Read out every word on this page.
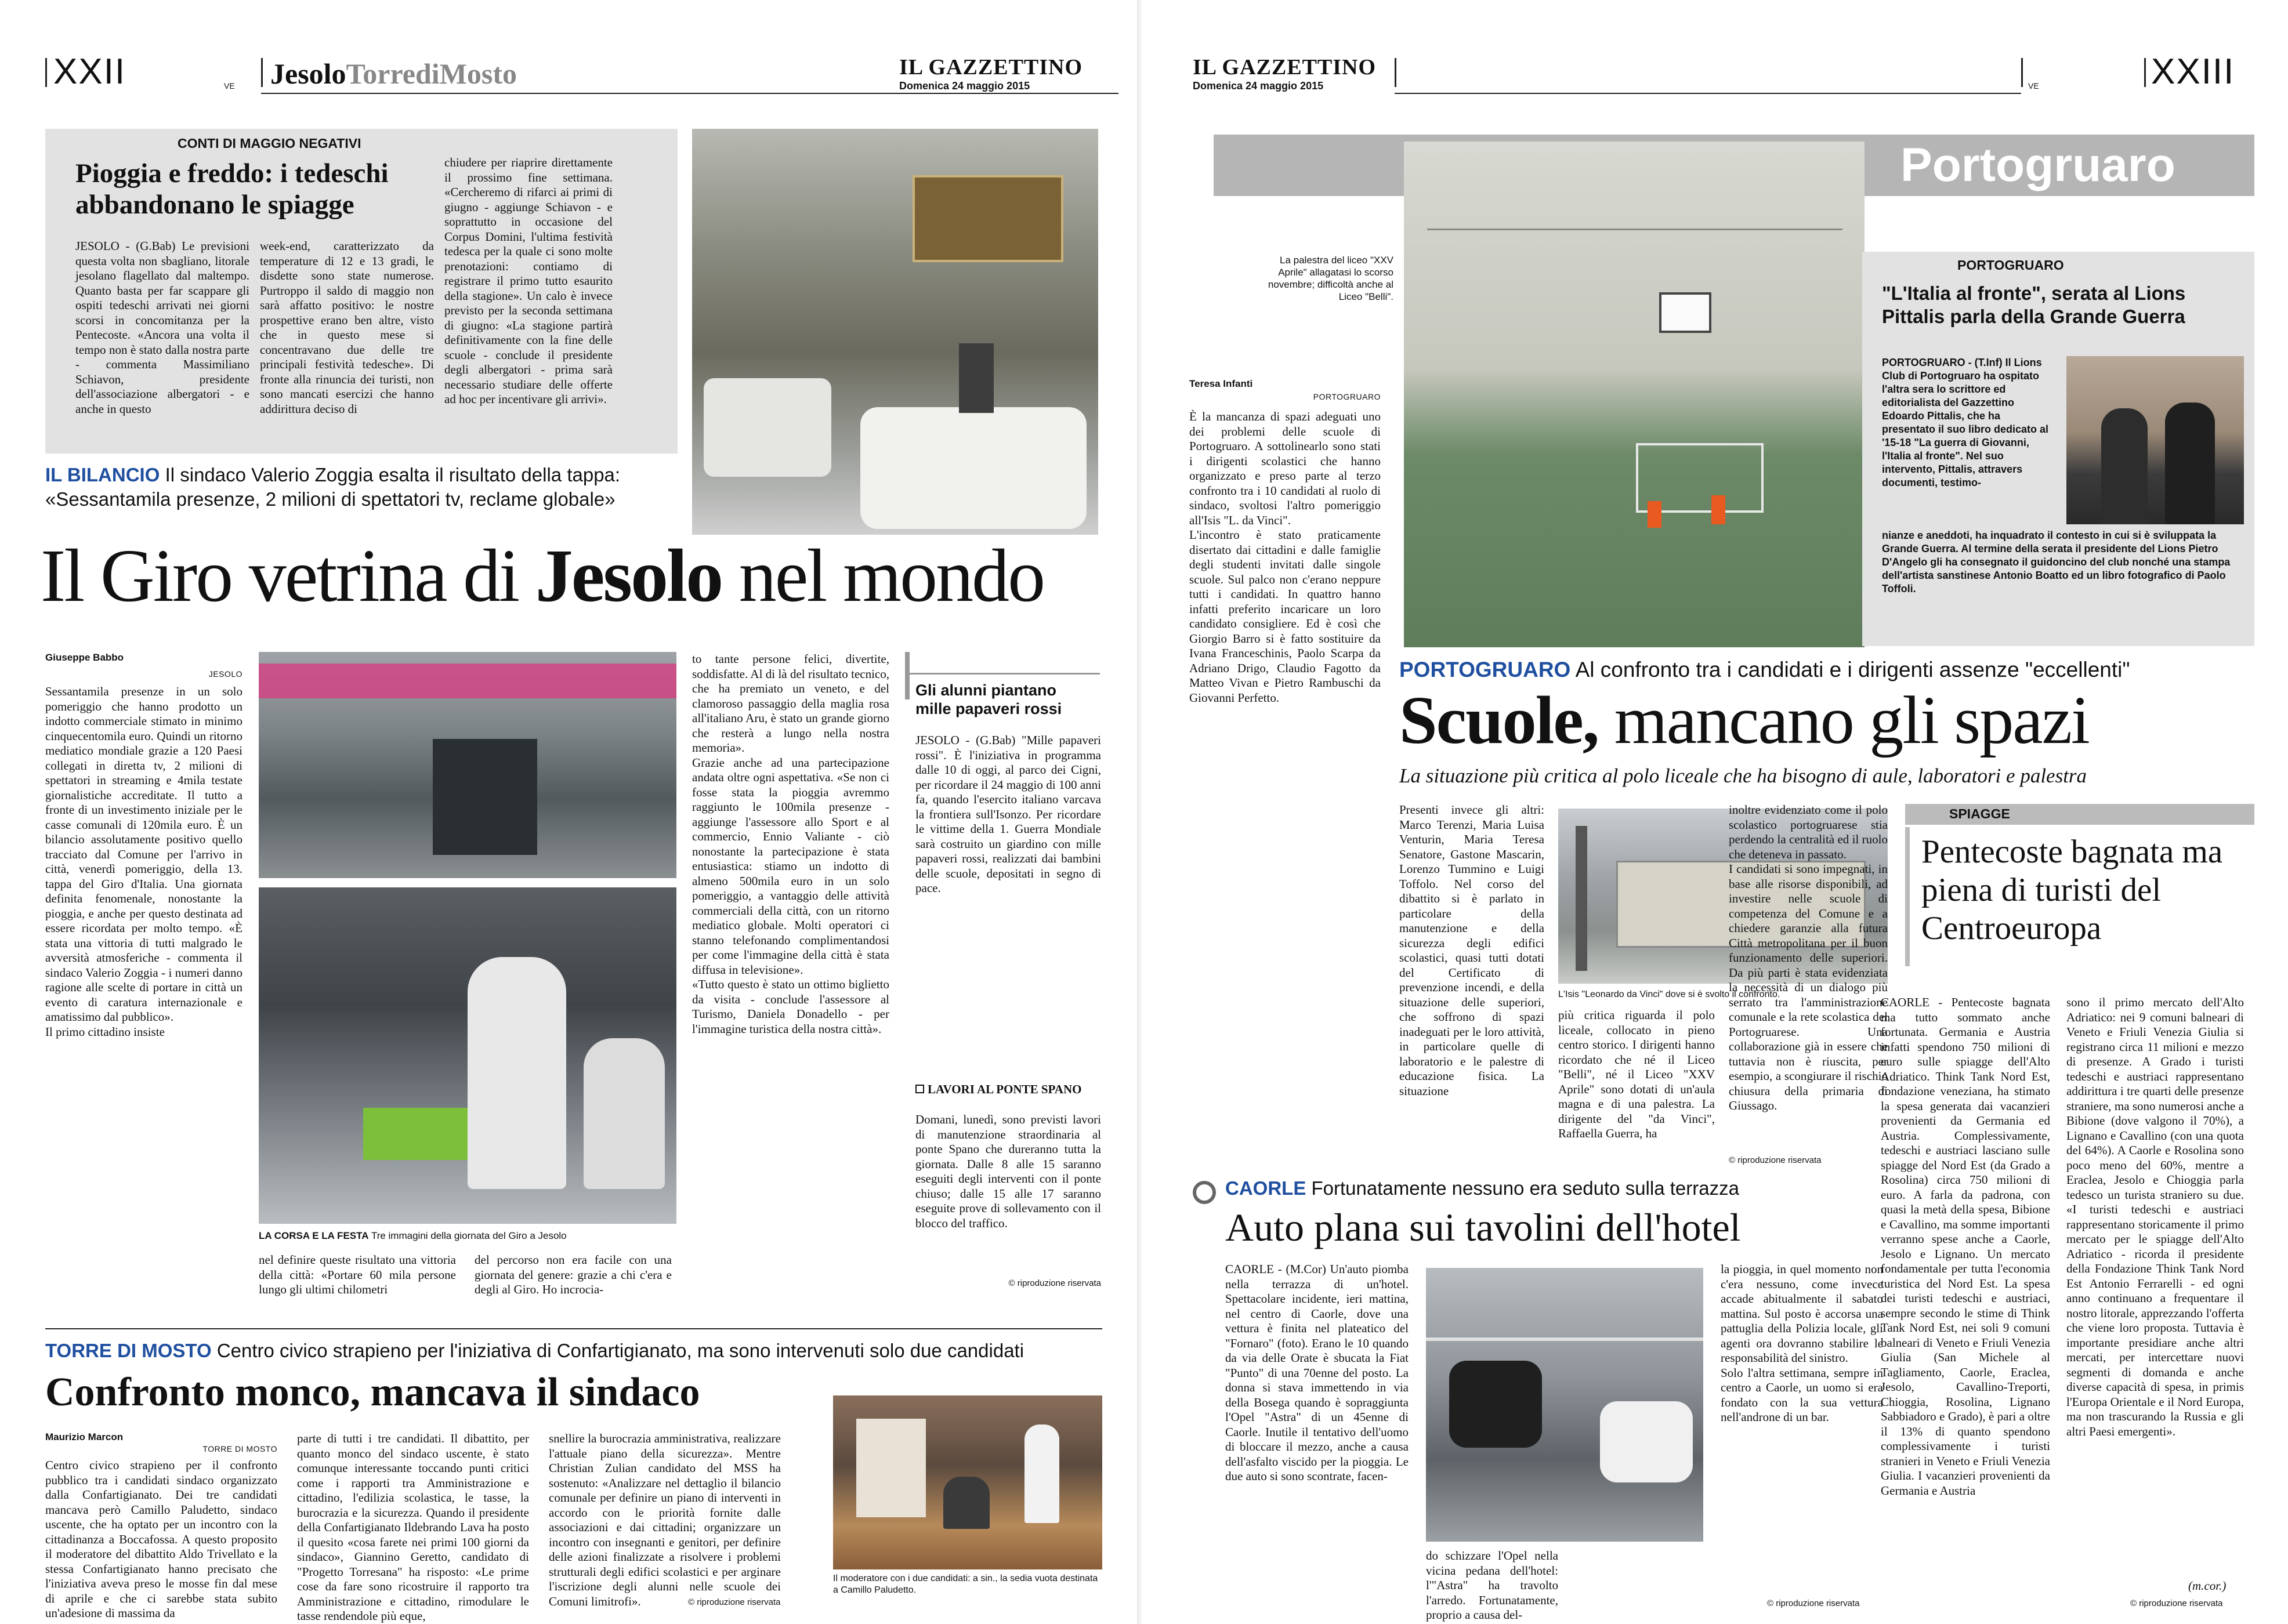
XXII	VE JesoloTorrediMosto	IL GAZZETTINO
Domenica 24 maggio 2015
CONTI DI MAGGIO NEGATIVI
Pioggia e freddo: i tedeschi abbandonano le spiagge
JESOLO - (G.Bab) Le previsioni questa volta non sbagliano, litorale jesolano flagellato dal maltempo. Quanto basta per far scappare gli ospiti tedeschi arrivati nei giorni scorsi in concomitanza per la Pentecoste. «Ancora una volta il tempo non è stato dalla nostra parte - commenta Massimiliano Schiavon, presidente dell'associazione albergatori - e anche in questo
week-end, caratterizzato da temperature di 12 e 13 gradi, le disdette sono state numerose. Purtroppo il saldo di maggio non sarà affatto positivo: le nostre prospettive erano ben altre, visto che in questo mese si concentravano due delle tre principali festività tedesche». Di fronte alla rinuncia dei turisti, non sono mancati esercizi che hanno addirittura deciso di
chiudere per riaprire direttamente il prossimo fine settimana. «Cercheremo di rifarci ai primi di giugno - aggiunge Schiavon - e soprattutto in occasione del Corpus Domini, l'ultima festività tedesca per la quale ci sono molte prenotazioni: contiamo di registrare il primo tutto esaurito della stagione». Un calo è invece previsto per la seconda settimana di giugno: «La stagione partirà definitivamente con la fine delle scuole - conclude il presidente degli albergatori - prima sarà necessario studiare delle offerte ad hoc per incentivare gli arrivi».
IL BILANCIO Il sindaco Valerio Zoggia esalta il risultato della tappa:
«Sessantamila presenze, 2 milioni di spettatori tv, reclame globale»
Il Giro vetrina di Jesolo nel mondo
Giuseppe Babbo
JESOLO
Sessantamila presenze in un solo pomeriggio che hanno prodotto un indotto commerciale stimato in minimo cinquecentomila euro. Quindi un ritorno mediatico mondiale grazie a 120 Paesi collegati in diretta tv, 2 milioni di spettatori in streaming e 4mila testate giornalistiche accreditate. Il tutto a fronte di un investimento iniziale per le casse comunali di 120mila euro. È un bilancio assolutamente positivo quello tracciato dal Comune per l'arrivo in città, venerdì pomeriggio, della 13. tappa del Giro d'Italia. Una giornata definita fenomenale, nonostante la pioggia, e anche per questo destinata ad essere ricordata per molto tempo. «È stata una vittoria di tutti malgrado le avversità atmosferiche - commenta il sindaco Valerio Zoggia - i numeri danno ragione alle scelte di portare in città un evento di caratura internazionale e amatissimo dal pubblico».
Il primo cittadino insiste
LA CORSA E LA FESTA Tre immagini della giornata del Giro a Jesolo
nel definire queste risultato una vittoria della città: «Portare 60 mila persone lungo gli ultimi chilometri
del percorso non era facile con una giornata del genere: grazie a chi c'era e degli al Giro. Ho incrocia-
to tante persone felici, divertite, soddisfatte. Al di là del risultato tecnico, che ha premiato un veneto, e del clamoroso passaggio della maglia rosa all'italiano Aru, è stato un grande giorno che resterà a lungo nella nostra memoria».
Grazie anche ad una partecipazione andata oltre ogni aspettativa. «Se non ci fosse stata la pioggia avremmo raggiunto le 100mila presenze - aggiunge l'assessore allo Sport e al commercio, Ennio Valiante - ciò nonostante la partecipazione è stata entusiastica: stiamo un indotto di almeno 500mila euro in un solo pomeriggio, a vantaggio delle attività commerciali della città, con un ritorno mediatico globale. Molti operatori ci stanno telefonando complimentandosi per come l'immagine della città è stata diffusa in televisione».
«Tutto questo è stato un ottimo biglietto da visita - conclude l'assessore al Turismo, Daniela Donadello - per l'immagine turistica della nostra città».
Gli alunni piantano mille papaveri rossi
JESOLO - (G.Bab) "Mille papaveri rossi". È l'iniziativa in programma dalle 10 di oggi, al parco dei Cigni, per ricordare il 24 maggio di 100 anni fa, quando l'esercito italiano varcava la frontiera sull'Isonzo. Per ricordare le vittime della 1. Guerra Mondiale sarà costruito un giardino con mille papaveri rossi, realizzati dai bambini delle scuole, depositati in segno di pace.
LAVORI AL PONTE SPANO
Domani, lunedì, sono previsti lavori di manutenzione straordinaria al ponte Spano che dureranno tutta la giornata. Dalle 8 alle 15 saranno eseguiti degli interventi con il ponte chiuso; dalle 15 alle 17 saranno eseguite prove di sollevamento con il blocco del traffico.
© riproduzione riservata
TORRE DI MOSTO Centro civico strapieno per l'iniziativa di Confartigianato, ma sono intervenuti solo due candidati
Confronto monco, mancava il sindaco
Maurizio Marcon
TORRE DI MOSTO
Centro civico strapieno per il confronto pubblico tra i candidati sindaco organizzato dalla Confartigianato. Dei tre candidati mancava però Camillo Paludetto, sindaco uscente, che ha optato per un incontro con la cittadinanza a Boccafossa. A questo proposito il moderatore del dibattito Aldo Trivellato e la stessa Confartigianato hanno precisato che l'iniziativa aveva preso le mosse fin dal mese di aprile e che ci sarebbe stata subito un'adesione di massima da
parte di tutti i tre candidati. Il dibattito, per quanto monco del sindaco uscente, è stato comunque interessante toccando punti critici come i rapporti tra Amministrazione e cittadino, l'edilizia scolastica, le tasse, la burocrazia e la sicurezza. Quando il presidente della Confartigianato Ildebrando Lava ha posto il quesito «cosa farete nei primi 100 giorni da sindaco», Giannino Geretto, candidato di "Progetto Torresana" ha risposto: «Le prime cose da fare sono ricostruire il rapporto tra Amministrazione e cittadino, rimodulare le tasse rendendole più eque,
snellire la burocrazia amministrativa, realizzare l'attuale piano della sicurezza». Mentre Christian Zulian candidato del MSS ha sostenuto: «Analizzare nel dettaglio il bilancio comunale per definire un piano di interventi in accordo con le priorità fornite dalle associazioni e dai cittadini; organizzare un incontro con insegnanti e genitori, per definire delle azioni finalizzate a risolvere i problemi strutturali degli edifici scolastici e per arginare l'iscrizione degli alunni nelle scuole dei Comuni limitrofi».
Il moderatore con i due candidati: a sin., la sedia vuota destinata a Camillo Paludetto.
© riproduzione riservata
IL GAZZETTINO
Domenica 24 maggio 2015	VE	XXIII
Portogruaro
La palestra del liceo "XXV Aprile" allagatasi lo scorso novembre; difficoltà anche al Liceo "Belli".
Teresa Infanti
PORTOGRUARO
È la mancanza di spazi adeguati uno dei problemi delle scuole di Portogruaro. A sottolinearlo sono stati i dirigenti scolastici che hanno organizzato e preso parte al terzo confronto tra i 10 candidati al ruolo di sindaco, svoltosi l'altro pomeriggio all'Isis "L. da Vinci".
L'incontro è stato praticamente disertato dai cittadini e dalle famiglie degli studenti invitati dalle singole scuole. Sul palco non c'erano neppure tutti i candidati. In quattro hanno infatti preferito incaricare un loro candidato consigliere. Ed è così che Giorgio Barro si è fatto sostituire da Ivana Franceschinis, Paolo Scarpa da Adriano Drigo, Claudio Fagotto da Matteo Vivan e Pietro Rambuschi da Giovanni Perfetto.
PORTOGRUARO
"L'Italia al fronte", serata al Lions Pittalis parla della Grande Guerra
PORTOGRUARO - (T.Inf) Il Lions Club di Portogruaro ha ospitato l'altra sera lo scrittore ed editorialista del Gazzettino Edoardo Pittalis, che ha presentato il suo libro dedicato al '15-18 "La guerra di Giovanni, l'Italia al fronte". Nel suo intervento, Pittalis, attravers documenti, testimo-
nianze e aneddoti, ha inquadrato il contesto in cui si è sviluppata la Grande Guerra. Al termine della serata il presidente del Lions Pietro D'Angelo gli ha consegnato il guidoncino del club nonché una stampa dell'artista sanstinese Antonio Boatto ed un libro fotografico di Paolo Toffoli.
PORTOGRUARO Al confronto tra i candidati e i dirigenti assenze "eccellenti"
Scuole, mancano gli spazi
La situazione più critica al polo liceale che ha bisogno di aule, laboratori e palestra
Presenti invece gli altri: Marco Terenzi, Maria Luisa Venturin, Maria Teresa Senatore, Gastone Mascarin, Lorenzo Tummino e Luigi Toffolo. Nel corso del dibattito si è parlato in particolare della manutenzione e della sicurezza degli edifici scolastici, quasi tutti dotati del Certificato di prevenzione incendi, e della situazione delle superiori, che soffrono di spazi inadeguati per le loro attività, in particolare quelle di laboratorio e le palestre di educazione fisica. La situazione
L'Isis "Leonardo da Vinci" dove si è svolto il confronto.
più critica riguarda il polo liceale, collocato in pieno centro storico. I dirigenti hanno ricordato che né il Liceo "Belli", né il Liceo "XXV Aprile" sono dotati di un'aula magna e di una palestra. La dirigente del "da Vinci", Raffaella Guerra, ha
inoltre evidenziato come il polo scolastico portogruarese stia perdendo la centralità ed il ruolo che deteneva in passato.
I candidati si sono impegnati, in base alle risorse disponibili, ad investire nelle scuole di competenza del Comune e a chiedere garanzie alla futura Città metropolitana per il buon funzionamento delle superiori. Da più parti è stata evidenziata la necessità di un dialogo più serrato tra l'amministrazione comunale e la rete scolastica del Portogruarese. Una collaborazione già in essere che tuttavia non è riuscita, per esempio, a scongiurare il rischio chiusura della primaria di Giussago.
© riproduzione riservata
SPIAGGE
Pentecoste bagnata ma piena di turisti del Centroeuropa
CAORLE - Pentecoste bagnata ma tutto sommato anche fortunata. Germania e Austria infatti spendono 750 milioni di euro sulle spiagge dell'Alto Adriatico. Think Tank Nord Est, fondazione veneziana, ha stimato la spesa generata dai vacanzieri provenienti da Germania ed Austria. Complessivamente, tedeschi e austriaci lasciano sulle spiagge del Nord Est (da Grado a Rosolina) circa 750 milioni di euro. A farla da padrona, con quasi la metà della spesa, Bibione e Cavallino, ma somme importanti verranno spese anche a Caorle, Jesolo e Lignano. Un mercato fondamentale per tutta l'economia turistica del Nord Est. La spesa dei turisti tedeschi e austriaci, sempre secondo le stime di Think Tank Nord Est, nei soli 9 comuni balneari di Veneto e Friuli Venezia Giulia (San Michele al Tagliamento, Caorle, Eraclea, Jesolo, Cavallino-Treporti, Chioggia, Rosolina, Lignano Sabbiadoro e Grado), è pari a oltre il 13% di quanto spendono complessivamente i turisti stranieri in Veneto e Friuli Venezia Giulia. I vacanzieri provenienti da Germania e Austria
sono il primo mercato dell'Alto Adriatico: nei 9 comuni balneari di Veneto e Friuli Venezia Giulia si registrano circa 11 milioni e mezzo di presenze. A Grado i turisti tedeschi e austriaci rappresentano addirittura i tre quarti delle presenze straniere, ma sono numerosi anche a Bibione (dove valgono il 70%), a Lignano e Cavallino (con una quota del 64%). A Caorle e Rosolina sono poco meno del 60%, mentre a Eraclea, Jesolo e Chioggia parla tedesco un turista straniero su due. «I turisti tedeschi e austriaci rappresentano storicamente il primo mercato per le spiagge dell'Alto Adriatico - ricorda il presidente della Fondazione Think Tank Nord Est Antonio Ferrarelli - ed ogni anno continuano a frequentare il nostro litorale, apprezzando l'offerta che viene loro proposta. Tuttavia è importante presidiare anche altri mercati, per intercettare nuovi segmenti di domanda e anche diverse capacità di spesa, in primis l'Europa Orientale e il Nord Europa, ma non trascurando la Russia e gli altri Paesi emergenti».
(m.cor.)
© riproduzione riservata
CAORLE Fortunatamente nessuno era seduto sulla terrazza
Auto plana sui tavolini dell'hotel
CAORLE - (M.Cor) Un'auto piomba nella terrazza di un'hotel. Spettacolare incidente, ieri mattina, nel centro di Caorle, dove una vettura è finita nel plateatico del "Fornaro" (foto). Erano le 10 quando da via delle Orate è sbucata la Fiat "Punto" di una 70enne del posto. La donna si stava immettendo in via della Bosega quando è sopraggiunta l'Opel "Astra" di un 45enne di Caorle. Inutile il tentativo dell'uomo di bloccare il mezzo, anche a causa dell'asfalto viscido per la pioggia. Le due auto si sono scontrate, facen-
do schizzare l'Opel nella vicina pedana dell'hotel: l'"Astra" ha travolto l'arredo. Fortunatamente, proprio a causa del-
la pioggia, in quel momento non c'era nessuno, come invece accade abitualmente il sabato mattina. Sul posto è accorsa una pattuglia della Polizia locale, gli agenti ora dovranno stabilire le responsabilità del sinistro.
Solo l'altra settimana, sempre in centro a Caorle, un uomo si era fondato con la sua vettura nell'androne di un bar.
© riproduzione riservata
